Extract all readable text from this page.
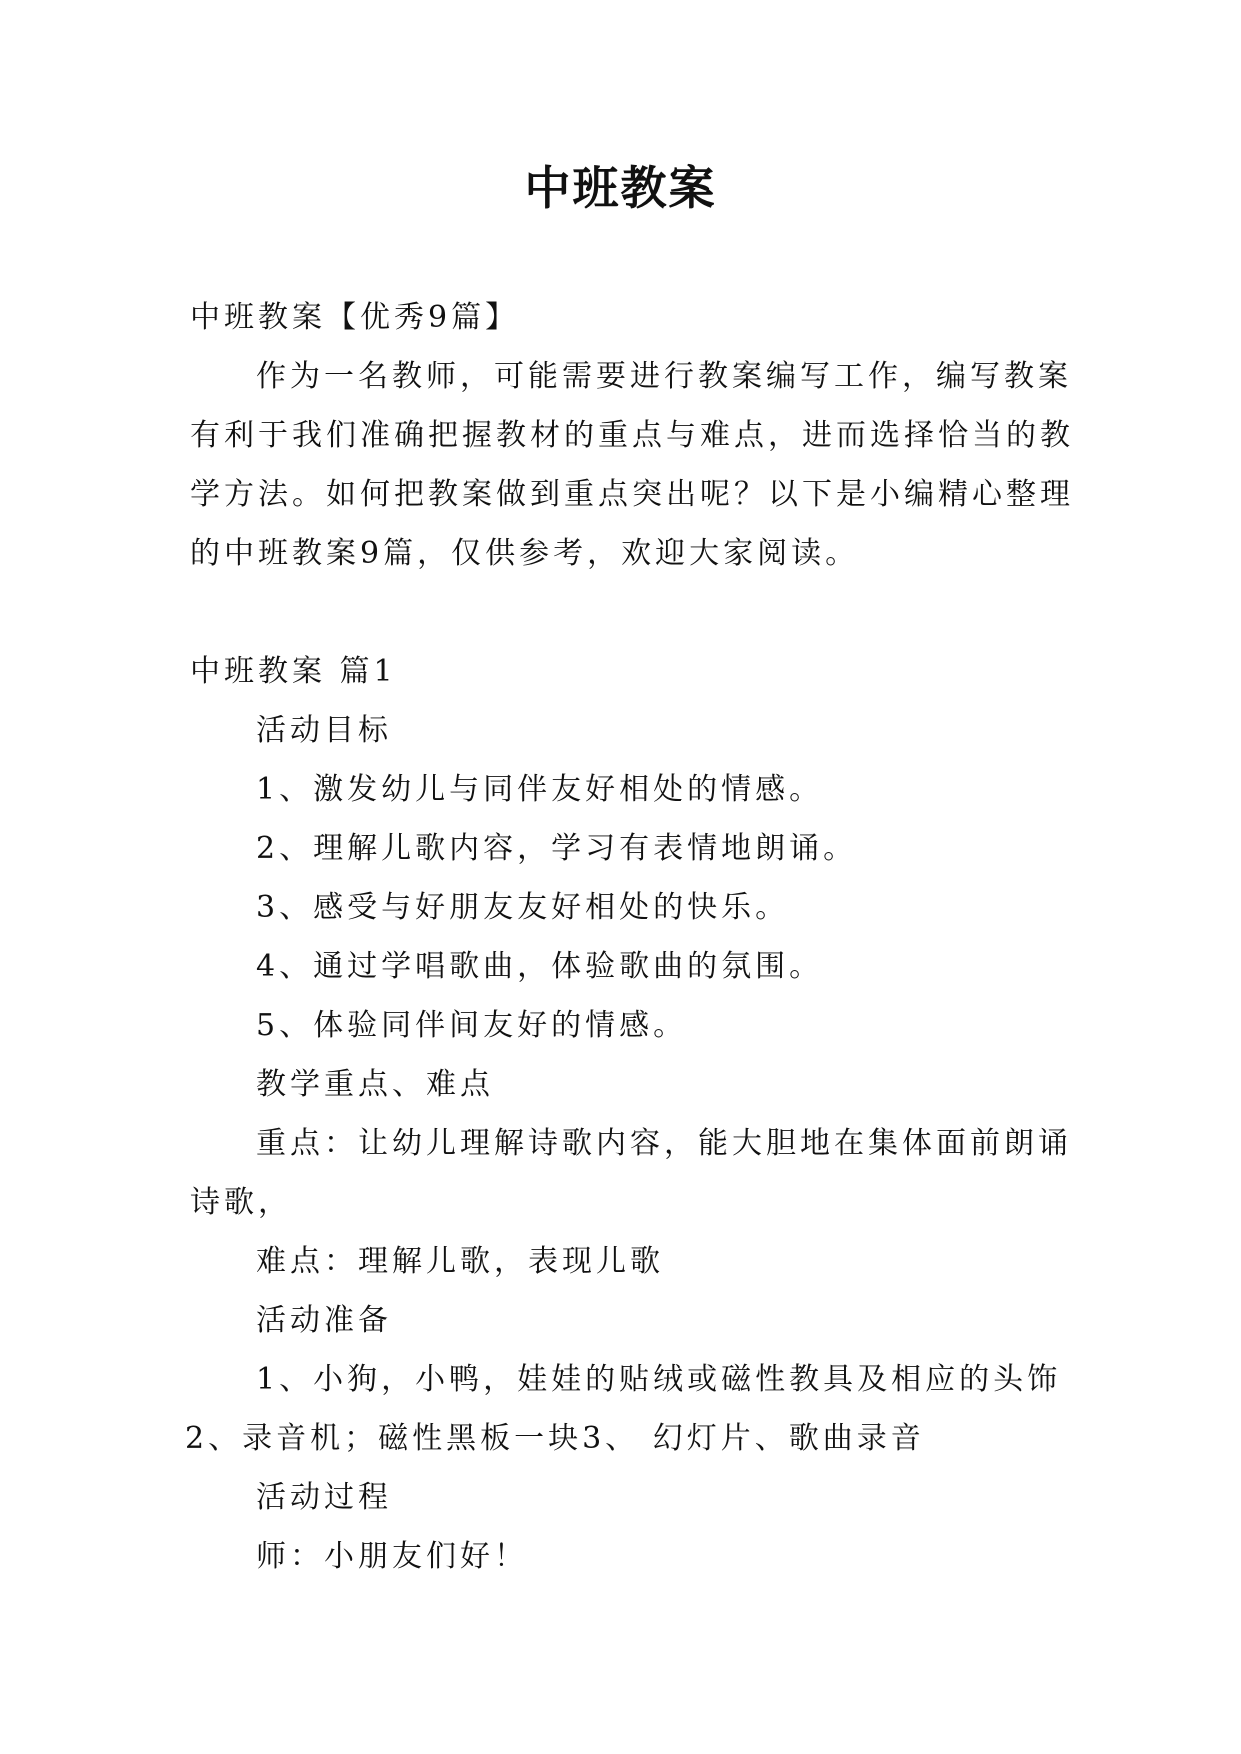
中班教案
中班教案【优秀9篇】
作为一名教师，可能需要进行教案编写工作，编写教案
有利于我们准确把握教材的重点与难点，进而选择恰当的教
学方法。如何把教案做到重点突出呢？以下是小编精心整理
的中班教案9篇，仅供参考，欢迎大家阅读。
中班教案 篇1
活动目标
1、激发幼儿与同伴友好相处的情感。
2、理解儿歌内容，学习有表情地朗诵。
3、感受与好朋友友好相处的快乐。
4、通过学唱歌曲，体验歌曲的氛围。
5、体验同伴间友好的情感。
教学重点、难点
重点：让幼儿理解诗歌内容，能大胆地在集体面前朗诵
诗歌，
难点：理解儿歌，表现儿歌
活动准备
1、小狗，小鸭，娃娃的贴绒或磁性教具及相应的头饰
2、录音机；磁性黑板一块3、 幻灯片、歌曲录音
活动过程
师：小朋友们好！
